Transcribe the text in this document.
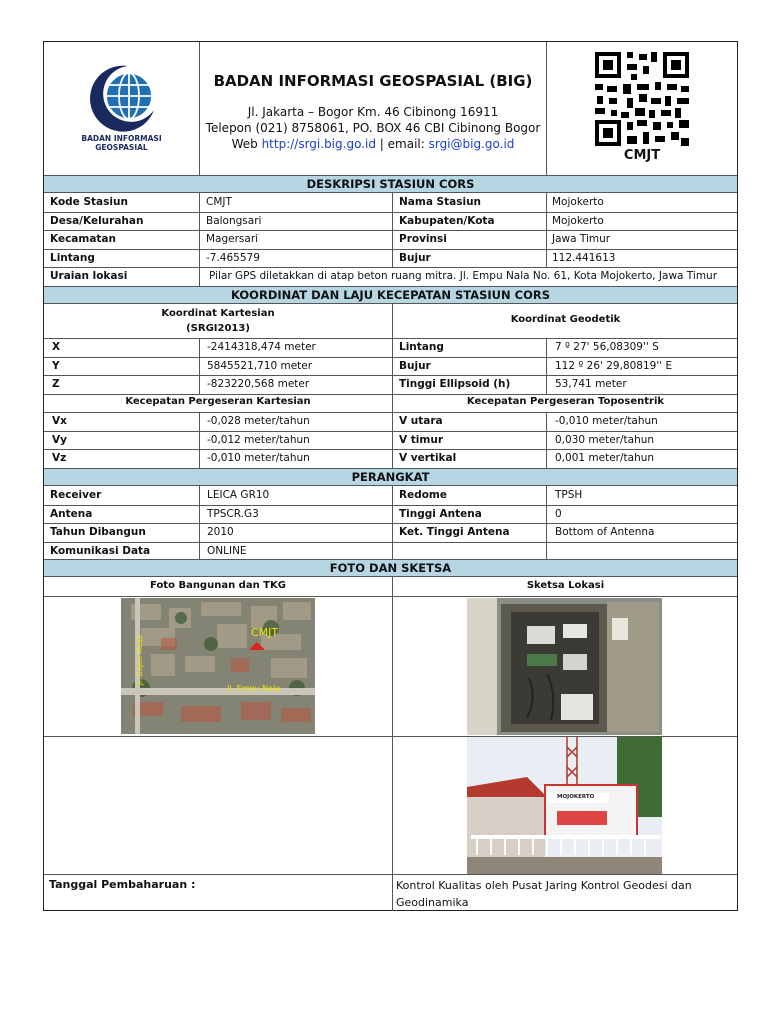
BADAN INFORMASI
GEOSPASIAL
BADAN INFORMASI GEOSPASIAL (BIG)
Jl. Jakarta – Bogor Km. 46 Cibinong 16911
Telepon (021) 8758061, PO. BOX 46 CBI Cibinong Bogor
Web http://srgi.big.go.id | email: srgi@big.go.id
CMJT
DESKRIPSI STASIUN CORS
Kode Stasiun	CMJT	Nama Stasiun	Mojokerto
Desa/Kelurahan	Balongsari	Kabupaten/Kota	Mojokerto
Kecamatan	Magersari	Provinsi	Jawa Timur
Lintang	-7.465579	Bujur	112.441613
Uraian lokasi	Pilar GPS diletakkan di atap beton ruang mitra. Jl. Empu Nala No. 61, Kota Mojokerto, Jawa Timur
KOORDINAT DAN LAJU KECEPATAN STASIUN CORS
Koordinat Kartesian
(SRGI2013)
Koordinat Geodetik
X	-2414318,474 meter	Lintang	7 º 27' 56,08309'' S
Y	5845521,710 meter	Bujur	112 º 26' 29,80819'' E
Z	-823220,568 meter	Tinggi Ellipsoid (h)	53,741 meter
Kecepatan Pergeseran Kartesian	Kecepatan Pergeseran Toposentrik
Vx	-0,028 meter/tahun	V utara	-0,010 meter/tahun
Vy	-0,012 meter/tahun	V timur	0,030 meter/tahun
Vz	-0,010 meter/tahun	V vertikal	0,001 meter/tahun
PERANGKAT
Receiver	LEICA GR10	Redome	TPSH
Antena	TPSCR.G3	Tinggi Antena	0
Tahun Dibangun	2010	Ket. Tinggi Antena	Bottom of Antenna
Komunikasi Data	ONLINE
FOTO DAN SKETSA
Foto Bangunan dan TKG	Sketsa Lokasi
CMJT
Jl. Empu Nala
Jl. Gajah Mada
MOJOKERTO
Tanggal Pembaharuan :	Kontrol Kualitas oleh Pusat Jaring Kontrol Geodesi dan
Geodinamika
